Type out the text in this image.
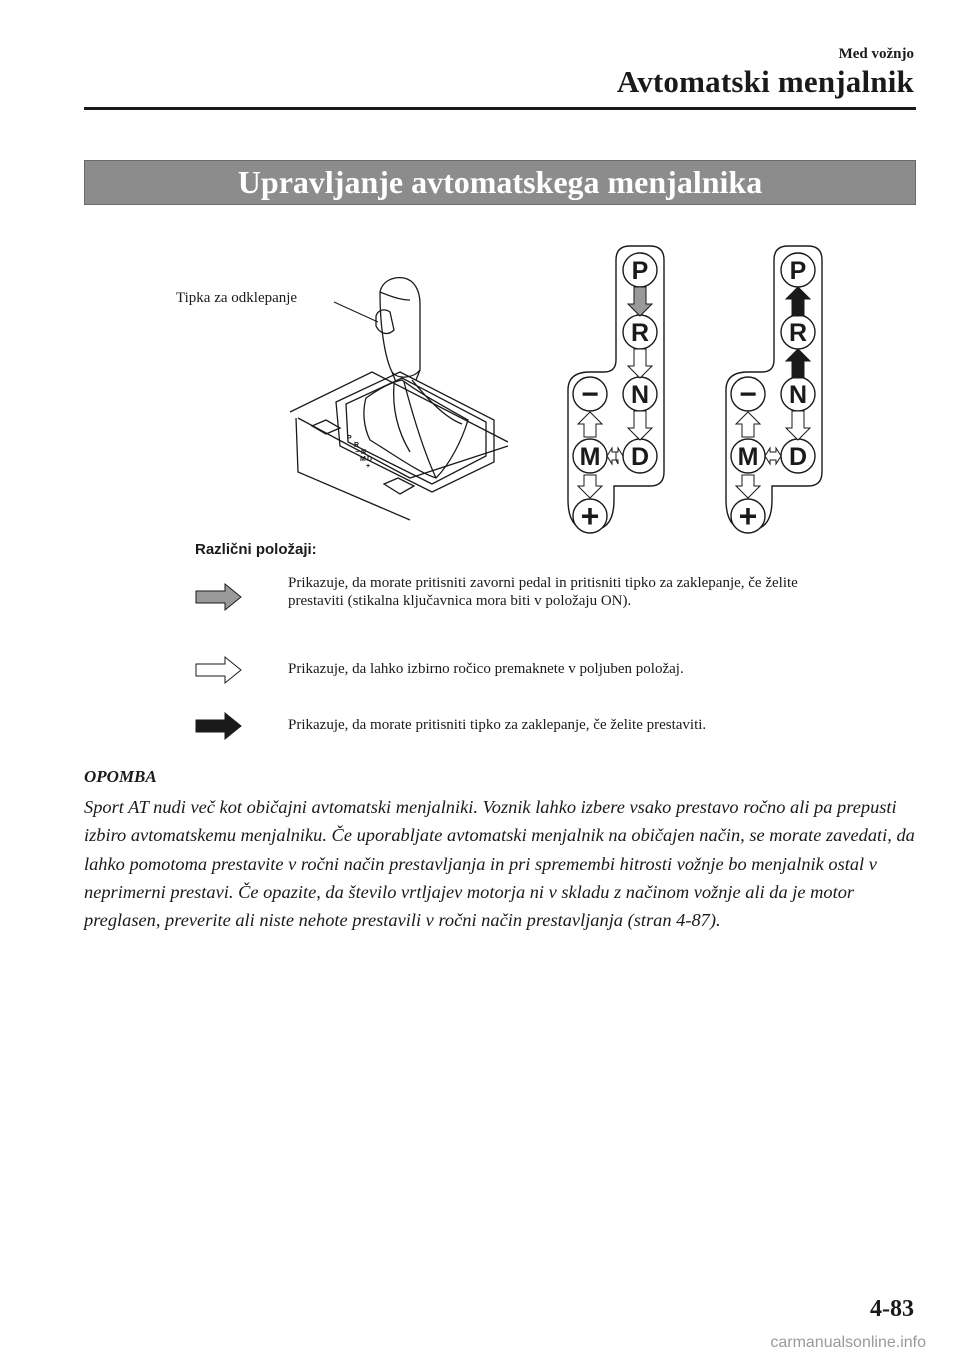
Med vožnjo
Avtomatski menjalnik
Upravljanje avtomatskega menjalnika
Tipka za odklepanje
P
R
N
D
M
−
+
P
R
N
D
M
−
+
P
R
N
D
M
−
+
Različni položaji:
Prikazuje, da morate pritisniti zavorni pedal in pritisniti tipko za zaklepanje, če želite prestaviti (stikalna ključavnica mora biti v položaju ON).
Prikazuje, da lahko izbirno ročico premaknete v poljuben položaj.
Prikazuje, da morate pritisniti tipko za zaklepanje, če želite prestaviti.
OPOMBA
Sport AT nudi več kot običajni avtomatski menjalniki. Voznik lahko izbere vsako prestavo ročno ali pa prepusti izbiro avtomatskemu menjalniku. Če uporabljate avtomatski menjalnik na običajen način, se morate zavedati, da lahko pomotoma prestavite v ročni način prestavljanja in pri spremembi hitrosti vožnje bo menjalnik ostal v neprimerni prestavi. Če opazite, da število vrtljajev motorja ni v skladu z načinom vožnje ali da je motor preglasen, preverite ali niste nehote prestavili v ročni način prestavljanja (stran 4-87).
4-83
carmanualsonline.info
